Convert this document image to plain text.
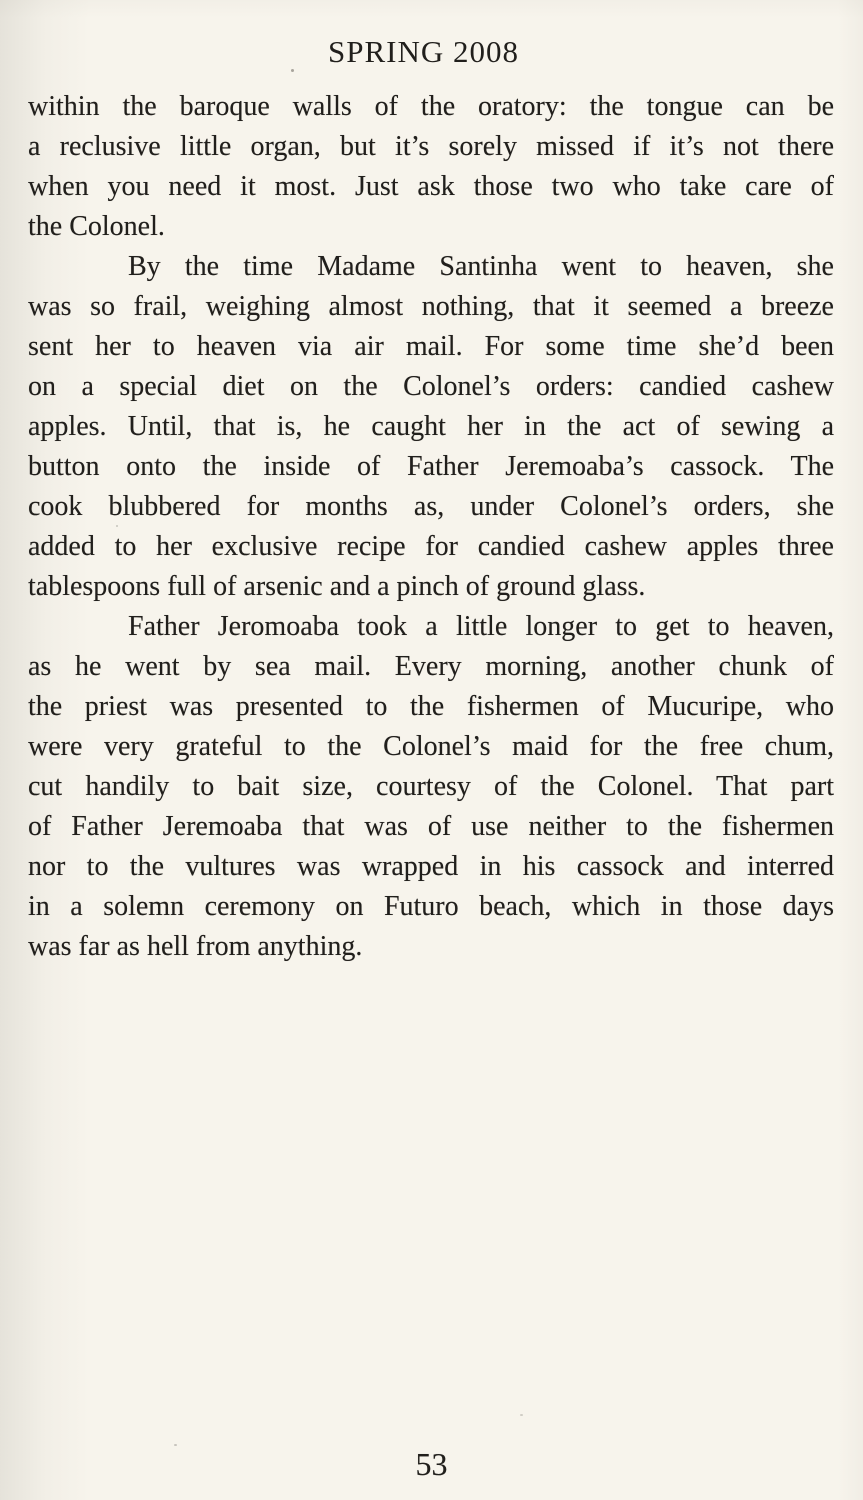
SPRING 2008
within the baroque walls of the oratory: the tongue can be
a reclusive little organ, but it’s sorely missed if it’s not there
when you need it most. Just ask those two who take care of
the Colonel.
By the time Madame Santinha went to heaven, she
was so frail, weighing almost nothing, that it seemed a breeze
sent her to heaven via air mail. For some time she’d been
on a special diet on the Colonel’s orders: candied cashew
apples. Until, that is, he caught her in the act of sewing a
button onto the inside of Father Jeremoaba’s cassock. The
cook blubbered for months as, under Colonel’s orders, she
added to her exclusive recipe for candied cashew apples three
tablespoons full of arsenic and a pinch of ground glass.
Father Jeromoaba took a little longer to get to heaven,
as he went by sea mail. Every morning, another chunk of
the priest was presented to the fishermen of Mucuripe, who
were very grateful to the Colonel’s maid for the free chum,
cut handily to bait size, courtesy of the Colonel. That part
of Father Jeremoaba that was of use neither to the fishermen
nor to the vultures was wrapped in his cassock and interred
in a solemn ceremony on Futuro beach, which in those days
was far as hell from anything.
53
